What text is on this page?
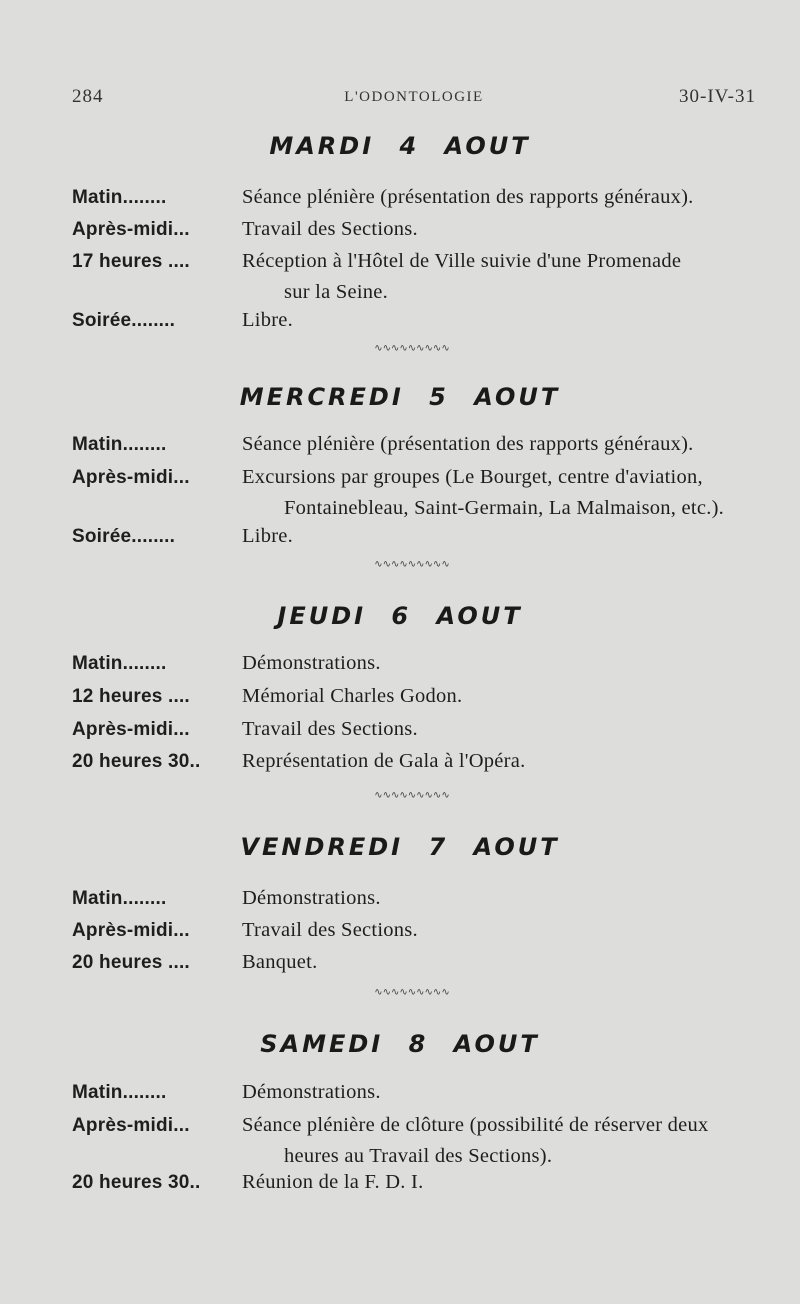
284	L'ODONTOLOGIE	30-IV-31
MARDI 4 AOUT
Matin........	Séance plénière (présentation des rapports généraux).
Après-midi...	Travail des Sections.
17 heures ....	Réception à l'Hôtel de Ville suivie d'une Promenade
sur la Seine.
Soirée........	Libre.
∿∿∿∿∿∿∿∿∿
MERCREDI 5 AOUT
Matin........	Séance plénière (présentation des rapports généraux).
Après-midi...	Excursions par groupes (Le Bourget, centre d'aviation,
Fontainebleau, Saint-Germain, La Malmaison, etc.).
Soirée........	Libre.
∿∿∿∿∿∿∿∿∿
JEUDI 6 AOUT
Matin........	Démonstrations.
12 heures ....	Mémorial Charles Godon.
Après-midi...	Travail des Sections.
20 heures 30..	Représentation de Gala à l'Opéra.
∿∿∿∿∿∿∿∿∿
VENDREDI 7 AOUT
Matin........	Démonstrations.
Après-midi...	Travail des Sections.
20 heures ....	Banquet.
∿∿∿∿∿∿∿∿∿
SAMEDI 8 AOUT
Matin........	Démonstrations.
Après-midi...	Séance plénière de clôture (possibilité de réserver deux
heures au Travail des Sections).
20 heures 30..	Réunion de la F. D. I.
